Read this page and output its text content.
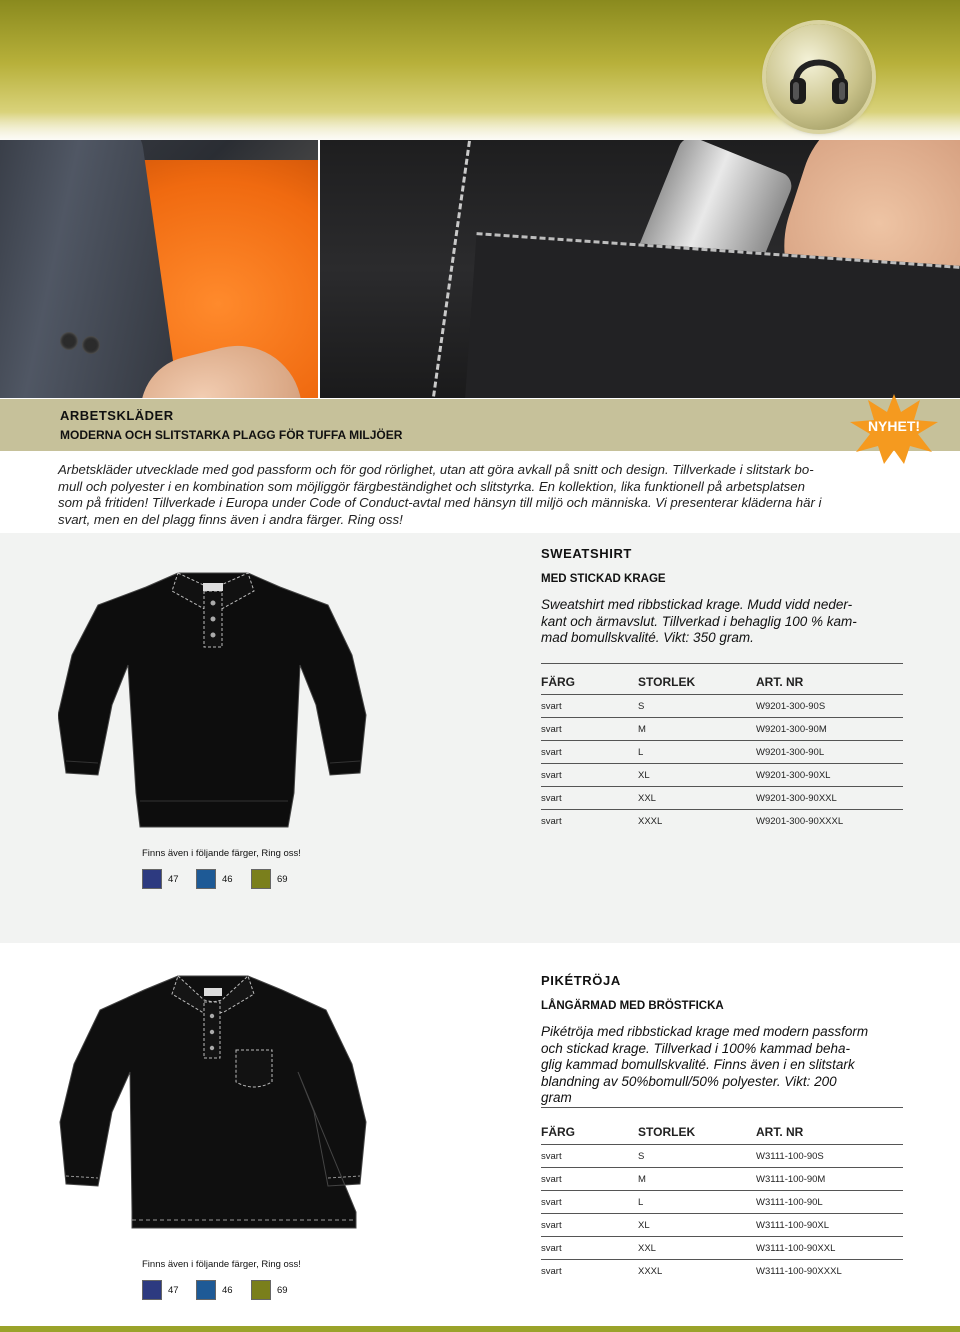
ARBETSKLÄDER
MODERNA OCH SLITSTARKA PLAGG FÖR TUFFA MILJÖER
NYHET!
Arbetskläder utvecklade med god passform och för god rörlighet, utan att göra avkall på snitt och design. Tillverkade i slitstark bo-
mull och polyester i en kombination som möjliggör färgbeständighet och slitstyrka. En kollektion, lika funktionell på arbetsplatsen
som på fritiden! Tillverkade i Europa under Code of Conduct-avtal med hänsyn till miljö och människa. Vi presenterar kläderna här i
svart, men en del plagg finns även i andra färger. Ring oss!
SWEATSHIRT
MED STICKAD KRAGE
Sweatshirt med ribbstickad krage. Mudd vidd neder-
kant och ärmavslut. Tillverkad i behaglig 100 % kam-
mad bomullskvalité. Vikt: 350 gram.
FÄRG	STORLEK	ART. NR
svart	S	W9201-300-90S
svart	M	W9201-300-90M
svart	L	W9201-300-90L
svart	XL	W9201-300-90XL
svart	XXL	W9201-300-90XXL
svart	XXXL	W9201-300-90XXXL
Finns även i följande färger, Ring oss!
47	46	69
PIKÉTRÖJA
LÅNGÄRMAD MED BRÖSTFICKA
Pikétröja med ribbstickad krage med modern passform
och stickad krage. Tillverkad i 100% kammad beha-
glig kammad bomullskvalité. Finns även i en slitstark
blandning av 50%bomull/50% polyester. Vikt: 200
gram
FÄRG	STORLEK	ART. NR
svart	S	W3111-100-90S
svart	M	W3111-100-90M
svart	L	W3111-100-90L
svart	XL	W3111-100-90XL
svart	XXL	W3111-100-90XXL
svart	XXXL	W3111-100-90XXXL
Finns även i följande färger, Ring oss!
47	46	69
